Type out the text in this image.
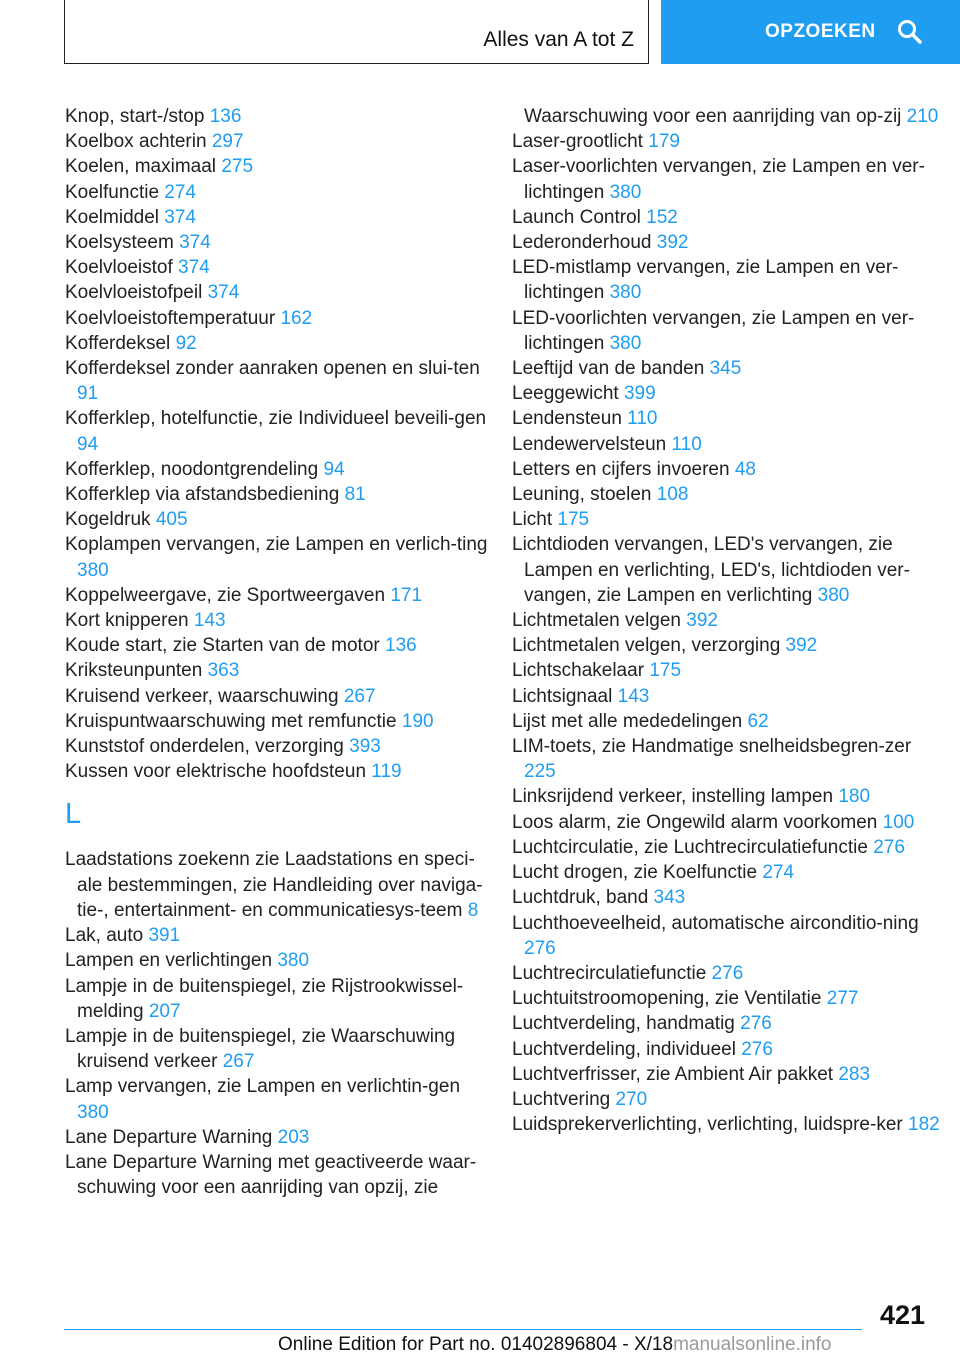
Alles van A tot Z	OPZOEKEN
Knop, start-/stop 136
Koelbox achterin 297
Koelen, maximaal 275
Koelfunctie 274
Koelmiddel 374
Koelsysteem 374
Koelvloeistof 374
Koelvloeistofpeil 374
Koelvloeistoftemperatuur 162
Kofferdeksel 92
Kofferdeksel zonder aanraken openen en slui-ten 91
Kofferklep, hotelfunctie, zie Individueel beveili-gen 94
Kofferklep, noodontgrendeling 94
Kofferklep via afstandsbediening 81
Kogeldruk 405
Koplampen vervangen, zie Lampen en verlich-ting 380
Koppelweergave, zie Sportweergaven 171
Kort knipperen 143
Koude start, zie Starten van de motor 136
Kriksteunpunten 363
Kruisend verkeer, waarschuwing 267
Kruispuntwaarschuwing met remfunctie 190
Kunststof onderdelen, verzorging 393
Kussen voor elektrische hoofdsteun 119
L
Laadstations zoekenn zie Laadstations en speci-ale bestemmingen, zie Handleiding over naviga-tie-, entertainment- en communicatiesys-teem 8
Lak, auto 391
Lampen en verlichtingen 380
Lampje in de buitenspiegel, zie Rijstrookwissel-melding 207
Lampje in de buitenspiegel, zie Waarschuwing kruisend verkeer 267
Lamp vervangen, zie Lampen en verlichtin-gen 380
Lane Departure Warning 203
Lane Departure Warning met geactiveerde waar-schuwing voor een aanrijding van opzij, zie
Waarschuwing voor een aanrijding van op-zij 210
Laser-grootlicht 179
Laser-voorlichten vervangen, zie Lampen en ver-lichtingen 380
Launch Control 152
Lederonderhoud 392
LED-mistlamp vervangen, zie Lampen en ver-lichtingen 380
LED-voorlichten vervangen, zie Lampen en ver-lichtingen 380
Leeftijd van de banden 345
Leeggewicht 399
Lendensteun 110
Lendewervelsteun 110
Letters en cijfers invoeren 48
Leuning, stoelen 108
Licht 175
Lichtdioden vervangen, LED's vervangen, zie Lampen en verlichting, LED's, lichtdioden ver-vangen, zie Lampen en verlichting 380
Lichtmetalen velgen 392
Lichtmetalen velgen, verzorging 392
Lichtschakelaar 175
Lichtsignaal 143
Lijst met alle mededelingen 62
LIM-toets, zie Handmatige snelheidsbegren-zer 225
Linksrijdend verkeer, instelling lampen 180
Loos alarm, zie Ongewild alarm voorkomen 100
Luchtcirculatie, zie Luchtrecirculatiefunctie 276
Lucht drogen, zie Koelfunctie 274
Luchtdruk, band 343
Luchthoeveelheid, automatische airconditio-ning 276
Luchtrecirculatiefunctie 276
Luchtuitstroomopening, zie Ventilatie 277
Luchtverdeling, handmatig 276
Luchtverdeling, individueel 276
Luchtverfrisser, zie Ambient Air pakket 283
Luchtvering 270
Luidsprekerverlichting, verlichting, luidspre-ker 182
421
Online Edition for Part no. 01402896804 - X/18manualsonline.info
